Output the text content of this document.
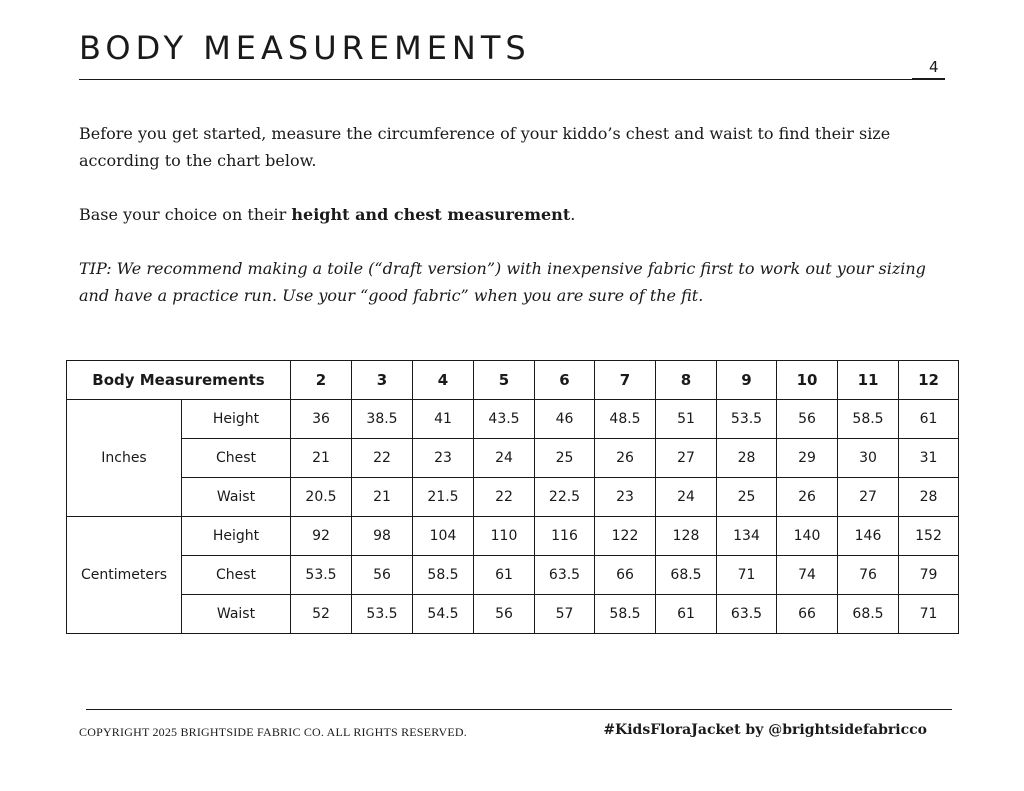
BODY MEASUREMENTS	4

Before you get started, measure the circumference of your kiddo’s chest and waist to find their size according to the chart below.

Base your choice on their height and chest measurement.

TIP: We recommend making a toile (“draft version”) with inexpensive fabric first to work out your sizing and have a practice run. Use your “good fabric” when you are sure of the fit.

Body Measurements		2	3	4	5	6	7	8	9	10	11	12
Inches	Height	36	38.5	41	43.5	46	48.5	51	53.5	56	58.5	61
	Chest	21	22	23	24	25	26	27	28	29	30	31
	Waist	20.5	21	21.5	22	22.5	23	24	25	26	27	28
Centimeters	Height	92	98	104	110	116	122	128	134	140	146	152
	Chest	53.5	56	58.5	61	63.5	66	68.5	71	74	76	79
	Waist	52	53.5	54.5	56	57	58.5	61	63.5	66	68.5	71
COPYRIGHT 2025 BRIGHTSIDE FABRIC CO. ALL RIGHTS RESERVED.	#KidsFloraJacket by @brightsidefabricco
